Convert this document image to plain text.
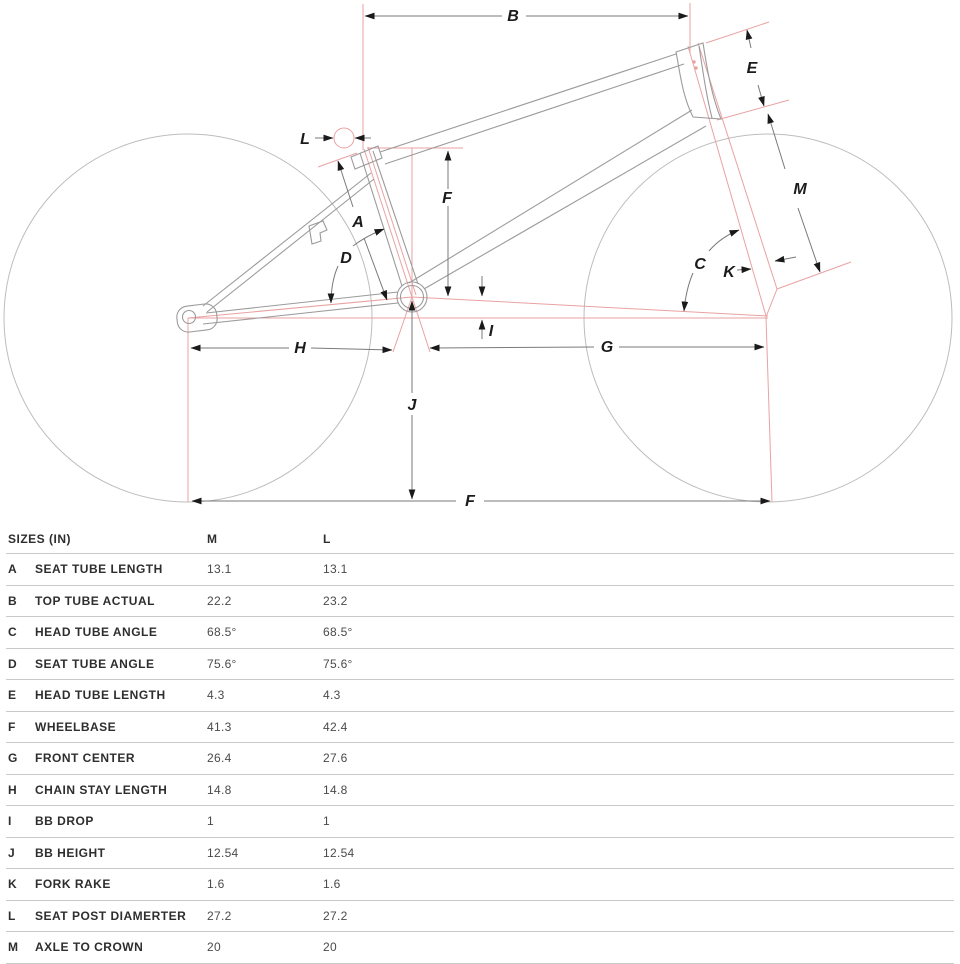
A
B
C
D
E
F
F
G
H
I
J
K
L
M
SIZES (IN)	M	L
A	SEAT TUBE LENGTH	13.1	13.1
B	TOP TUBE ACTUAL	22.2	23.2
C	HEAD TUBE ANGLE	68.5°	68.5°
D	SEAT TUBE ANGLE	75.6°	75.6°
E	HEAD TUBE LENGTH	4.3	4.3
F	WHEELBASE	41.3	42.4
G	FRONT CENTER	26.4	27.6
H	CHAIN STAY LENGTH	14.8	14.8
I	BB DROP	1	1
J	BB HEIGHT	12.54	12.54
K	FORK RAKE	1.6	1.6
L	SEAT POST DIAMERTER	27.2	27.2
M	AXLE TO CROWN	20	20
